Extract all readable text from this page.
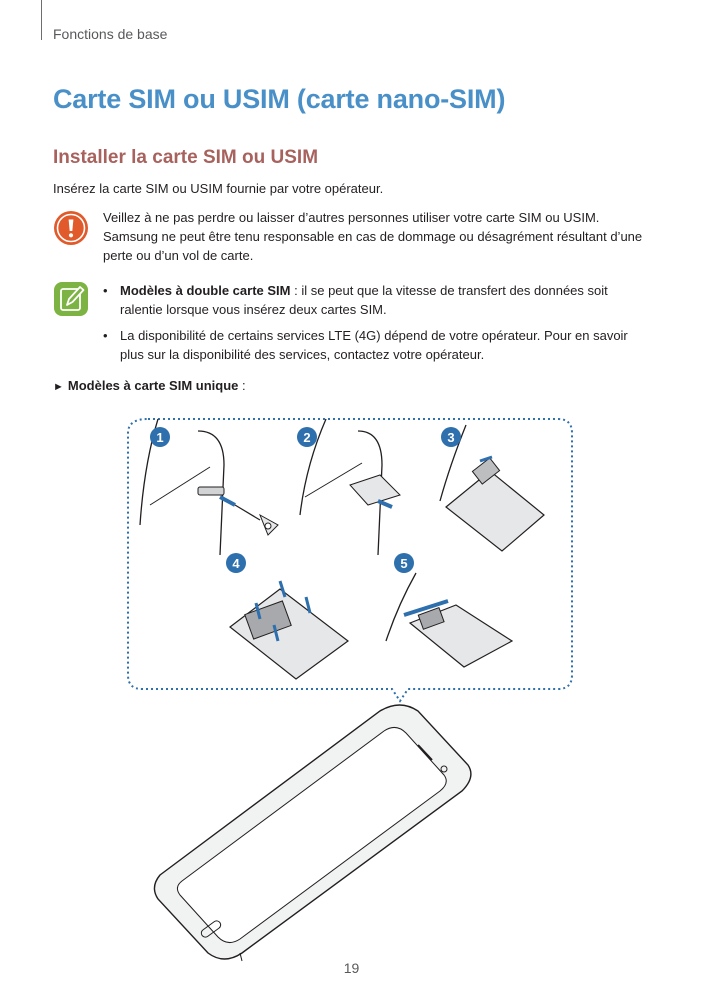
Fonctions de base
Carte SIM ou USIM (carte nano-SIM)
Installer la carte SIM ou USIM
Insérez la carte SIM ou USIM fournie par votre opérateur.
Veillez à ne pas perdre ou laisser d’autres personnes utiliser votre carte SIM ou USIM. Samsung ne peut être tenu responsable en cas de dommage ou désagrément résultant d’une perte ou d’un vol de carte.
• Modèles à double carte SIM : il se peut que la vitesse de transfert des données soit ralentie lorsque vous insérez deux cartes SIM.
• La disponibilité de certains services LTE (4G) dépend de votre opérateur. Pour en savoir plus sur la disponibilité des services, contactez votre opérateur.
► Modèles à carte SIM unique :
1	2	3
4	5
19
